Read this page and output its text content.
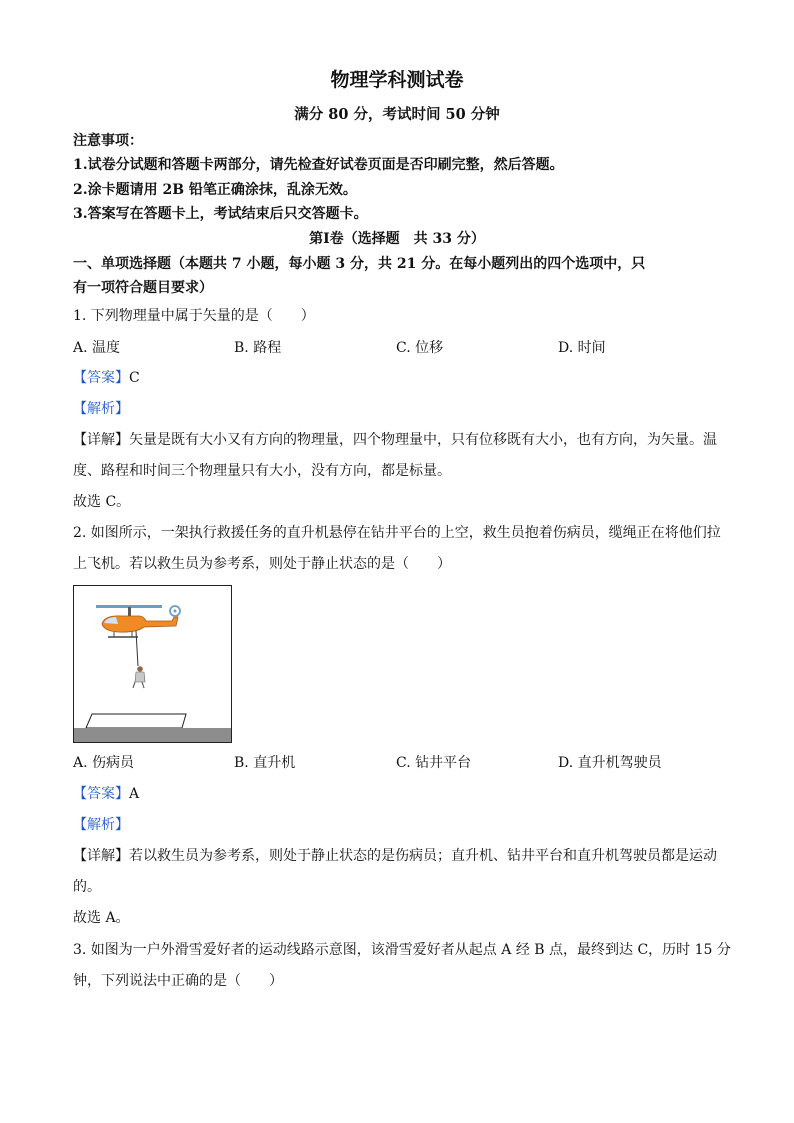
物理学科测试卷
满分 80 分，考试时间 50 分钟
注意事项：
1.试卷分试题和答题卡两部分，请先检查好试卷页面是否印刷完整，然后答题。
2.涂卡题请用 2B 铅笔正确涂抹，乱涂无效。
3.答案写在答题卡上，考试结束后只交答题卡。
第Ⅰ卷（选择题　共 33 分）
一、单项选择题（本题共 7 小题，每小题 3 分，共 21 分。在每小题列出的四个选项中，只
有一项符合题目要求）
1. 下列物理量中属于矢量的是（　　）
A. 温度	B. 路程	C. 位移	D. 时间
【答案】C
【解析】
【详解】矢量是既有大小又有方向的物理量，四个物理量中，只有位移既有大小，也有方向，为矢量。温
度、路程和时间三个物理量只有大小，没有方向，都是标量。
故选 C。
2. 如图所示，一架执行救援任务的直升机悬停在钻井平台的上空，救生员抱着伤病员，缆绳正在将他们拉
上飞机。若以救生员为参考系，则处于静止状态的是（　　）
A. 伤病员	B. 直升机	C. 钻井平台	D. 直升机驾驶员
【答案】A
【解析】
【详解】若以救生员为参考系，则处于静止状态的是伤病员；直升机、钻井平台和直升机驾驶员都是运动
的。
故选 A。
3. 如图为一户外滑雪爱好者的运动线路示意图，该滑雪爱好者从起点 A 经 B 点，最终到达 C，历时 15 分
钟，下列说法中正确的是（　　）
